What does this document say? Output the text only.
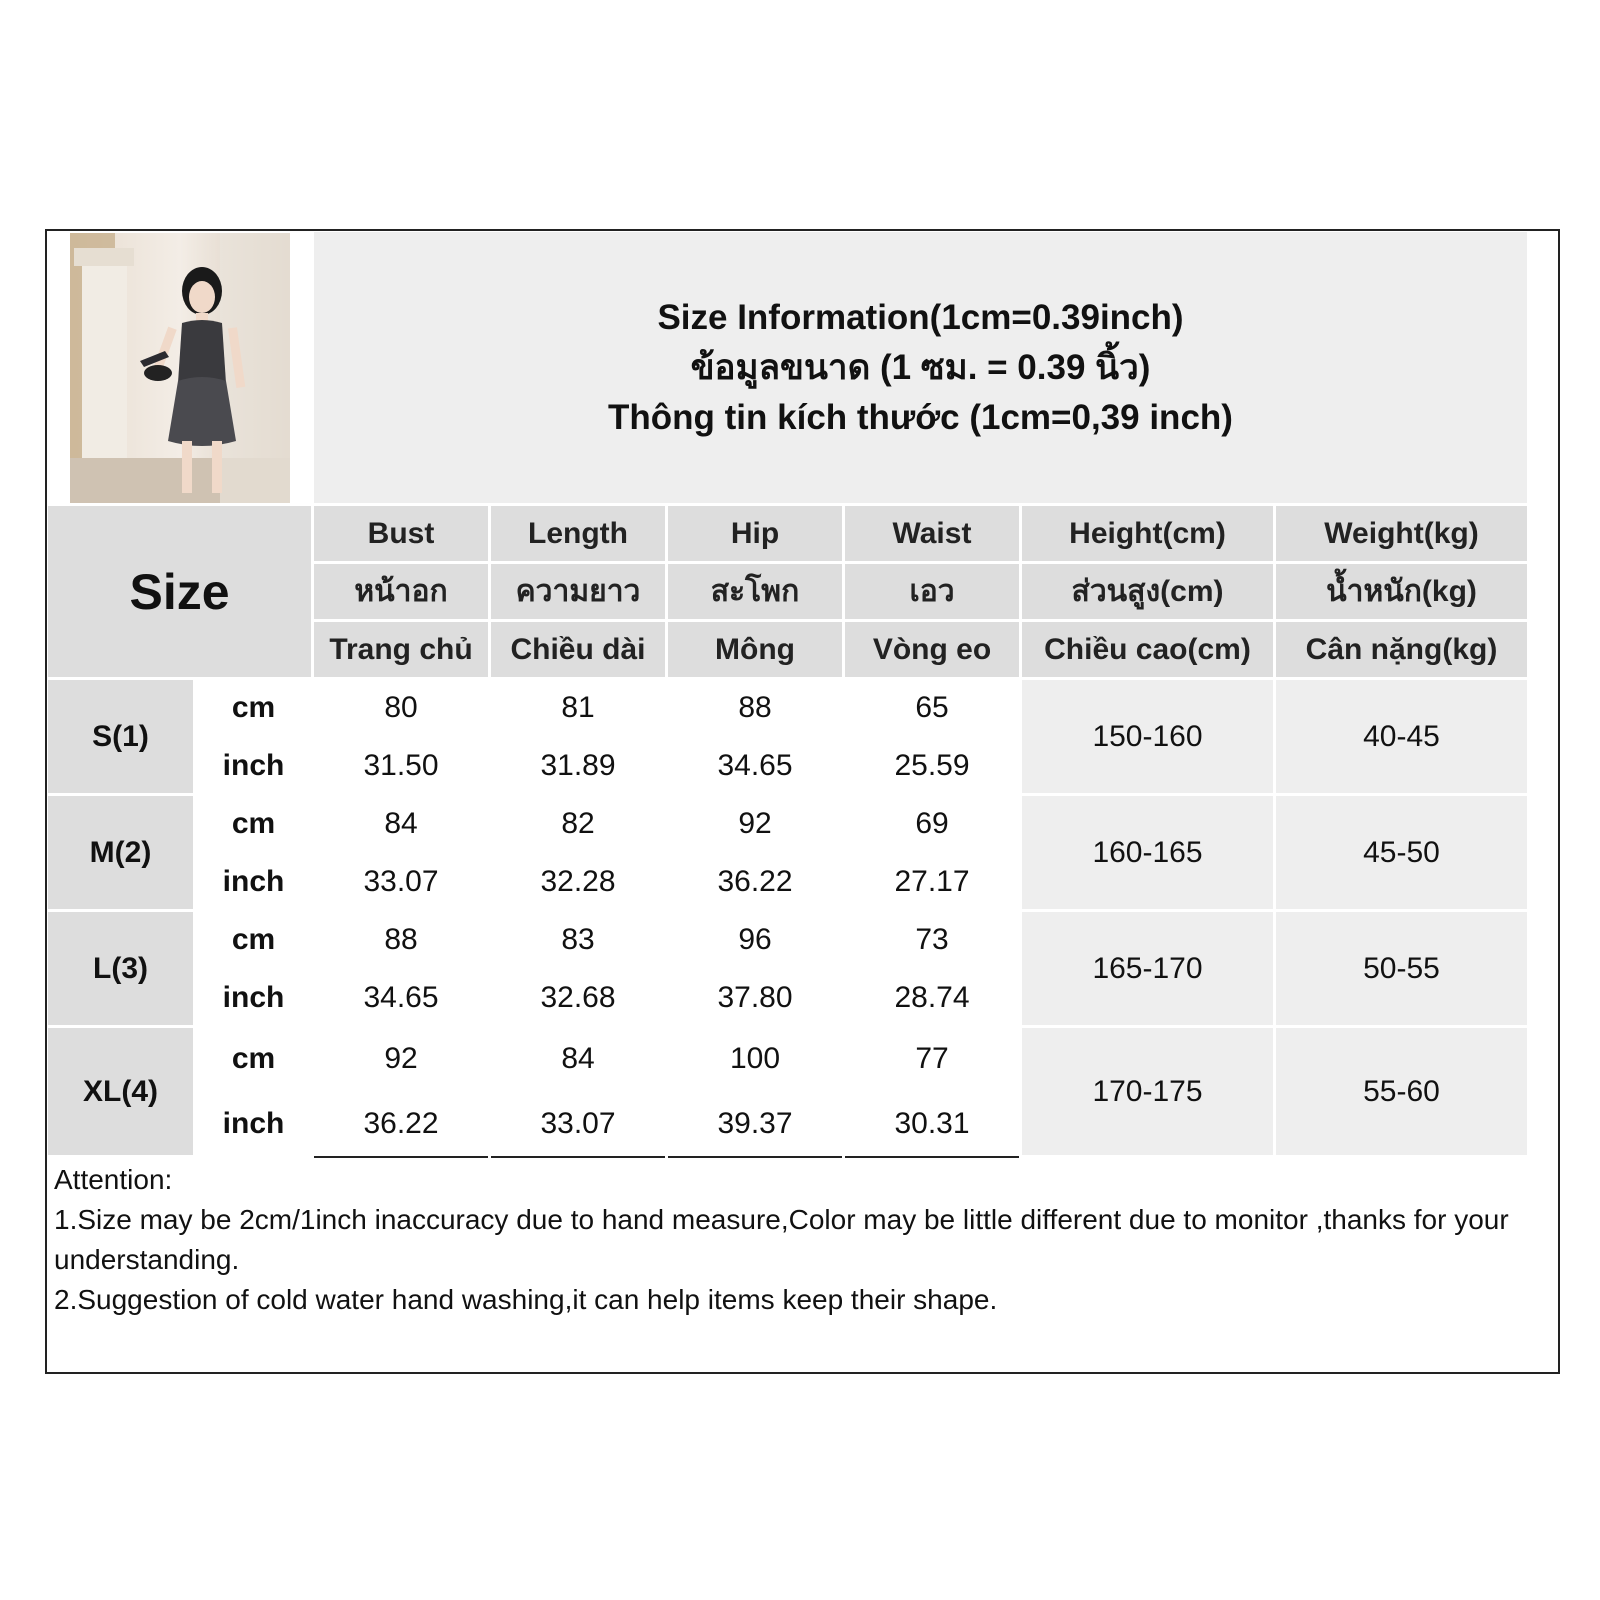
Size Information(1cm=0.39inch)
ข้อมูลขนาด (1 ซม. = 0.39 นิ้ว)
Thông tin kích thước (1cm=0,39 inch)					

Size		Bust	Length	Hip	Waist	Height(cm)	Weight(kg)
		หน้าอก	ความยาว	สะโพก	เอว	ส่วนสูง(cm)	น้ำหนัก(kg)
		Trang chủ	Chiều dài	Mông	Vòng eo	Chiều cao(cm)	Cân nặng(kg)
S(1)	cm	80	81	88	65	150-160	40-45
	inch	31.50	31.89	34.65	25.59		
M(2)	cm	84	82	92	69	160-165	45-50
	inch	33.07	32.28	36.22	27.17		
L(3)	cm	88	83	96	73	165-170	50-55
	inch	34.65	32.68	37.80	28.74		
XL(4)	cm	92	84	100	77	170-175	55-60
	inch	36.22	33.07	39.37	30.31		

Attention:
1.Size may be 2cm/1inch inaccuracy due to hand measure,Color may be little different due to monitor ,thanks for your understanding.
2.Suggestion of cold water hand washing,it can help items keep their shape.							
